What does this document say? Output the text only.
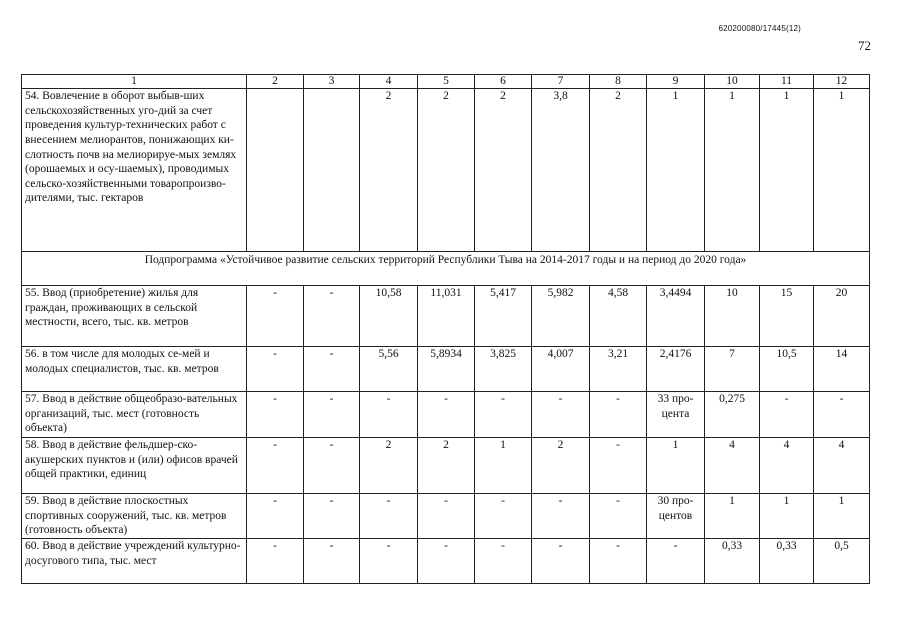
620200080/17445(12)
72
1	2	3	4	5	6	7	8	9	10	11	12
54. Вовлечение в оборот выбыв-ших сельскохозяйственных уго-дий за счет проведения культур-технических работ с внесением мелиорантов, понижающих ки-слотность почв на мелиорируе-мых землях (орошаемых и осу-шаемых), проводимых сельско-хозяйственными товаропроизво-дителями, тыс. гектаров			2	2	2	3,8	2	1	1	1	1
Подпрограмма «Устойчивое развитие сельских территорий Республики Тыва на 2014-2017 годы и на период до 2020 года»											
55. Ввод (приобретение) жилья для граждан, проживающих в сельской местности, всего, тыс. кв. метров	-	-	10,58	11,031	5,417	5,982	4,58	3,4494	10	15	20
56. в том числе для молодых се-мей и молодых специалистов, тыс. кв. метров	-	-	5,56	5,8934	3,825	4,007	3,21	2,4176	7	10,5	14
57. Ввод в действие общеобразо-вательных организаций, тыс. мест (готовность объекта)	-	-	-	-	-	-	-	33 про-цента	0,275	-	-
58. Ввод в действие фельдшер-ско-акушерских пунктов и (или) офисов врачей общей практики, единиц	-	-	2	2	1	2	-	1	4	4	4
59. Ввод в действие плоскостных спортивных сооружений, тыс. кв. метров (готовность объекта)	-	-	-	-	-	-	-	30 про-центов	1	1	1
60. Ввод в действие учреждений культурно-досугового типа, тыс. мест	-	-	-	-	-	-	-	-	0,33	0,33	0,5
